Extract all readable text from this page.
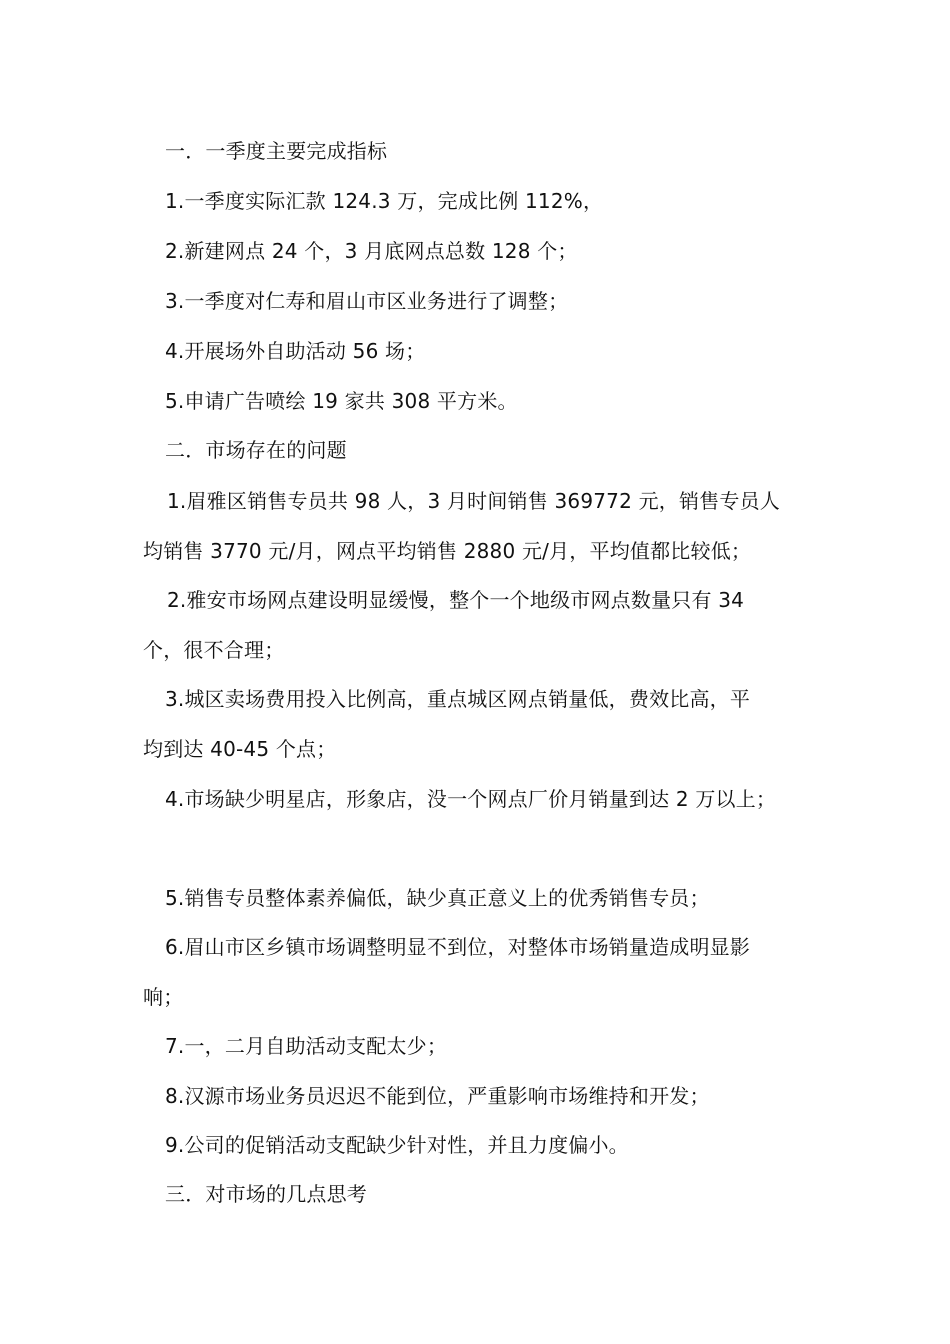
一．一季度主要完成指标
1.一季度实际汇款 124.3 万，完成比例 112%，
2.新建网点 24 个，3 月底网点总数 128 个；
3.一季度对仁寿和眉山市区业务进行了调整；
4.开展场外自助活动 56 场；
5.申请广告喷绘 19 家共 308 平方米。
二．市场存在的问题
1.眉雅区销售专员共 98 人，3 月时间销售 369772 元，销售专员人
均销售 3770 元/月，网点平均销售 2880 元/月，平均值都比较低；
2.雅安市场网点建设明显缓慢，整个一个地级市网点数量只有 34
个，很不合理；
3.城区卖场费用投入比例高，重点城区网点销量低，费效比高，平
均到达 40-45 个点；
4.市场缺少明星店，形象店，没一个网点厂价月销量到达 2 万以上；
5.销售专员整体素养偏低，缺少真正意义上的优秀销售专员；
6.眉山市区乡镇市场调整明显不到位，对整体市场销量造成明显影
响；
7.一，二月自助活动支配太少；
8.汉源市场业务员迟迟不能到位，严重影响市场维持和开发；
9.公司的促销活动支配缺少针对性，并且力度偏小。
三．对市场的几点思考
